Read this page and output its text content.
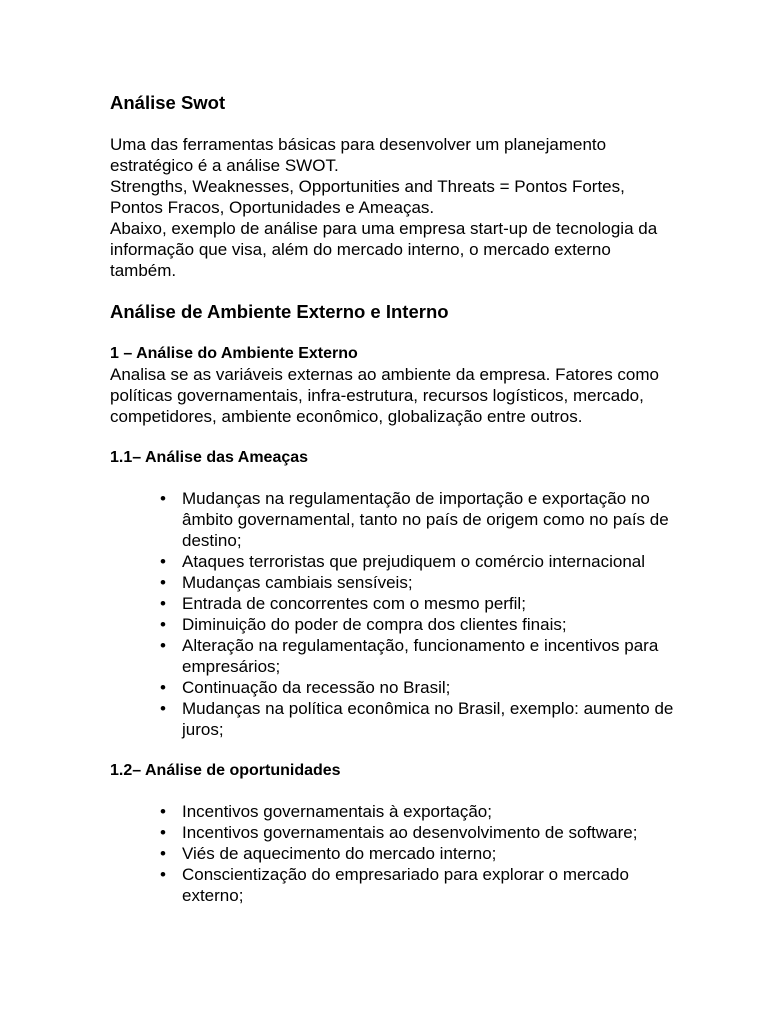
Análise Swot

Uma das ferramentas básicas para desenvolver um planejamento estratégico é a análise SWOT.

Strengths, Weaknesses, Opportunities and Threats = Pontos Fortes, Pontos Fracos, Oportunidades e Ameaças.

Abaixo, exemplo de análise para uma empresa start-up de tecnologia da informação que visa, além do mercado interno, o mercado externo também.

Análise de Ambiente Externo e Interno
1 – Análise do Ambiente Externo

Analisa se as variáveis externas ao ambiente da empresa. Fatores como políticas governamentais, infra-estrutura, recursos logísticos, mercado, competidores, ambiente econômico, globalização entre outros.

1.1– Análise das Ameaças
• Mudanças na regulamentação de importação e exportação no âmbito governamental, tanto no país de origem como no país de destino;
• Ataques terroristas que prejudiquem o comércio internacional
• Mudanças cambiais sensíveis;
• Entrada de concorrentes com o mesmo perfil;
• Diminuição do poder de compra dos clientes finais;
• Alteração na regulamentação, funcionamento e incentivos para empresários;
• Continuação da recessão no Brasil;
• Mudanças na política econômica no Brasil, exemplo: aumento de juros;
1.2– Análise de oportunidades
• Incentivos governamentais à exportação;
• Incentivos governamentais ao desenvolvimento de software;
• Viés de aquecimento do mercado interno;
• Conscientização do empresariado para explorar o mercado externo;
